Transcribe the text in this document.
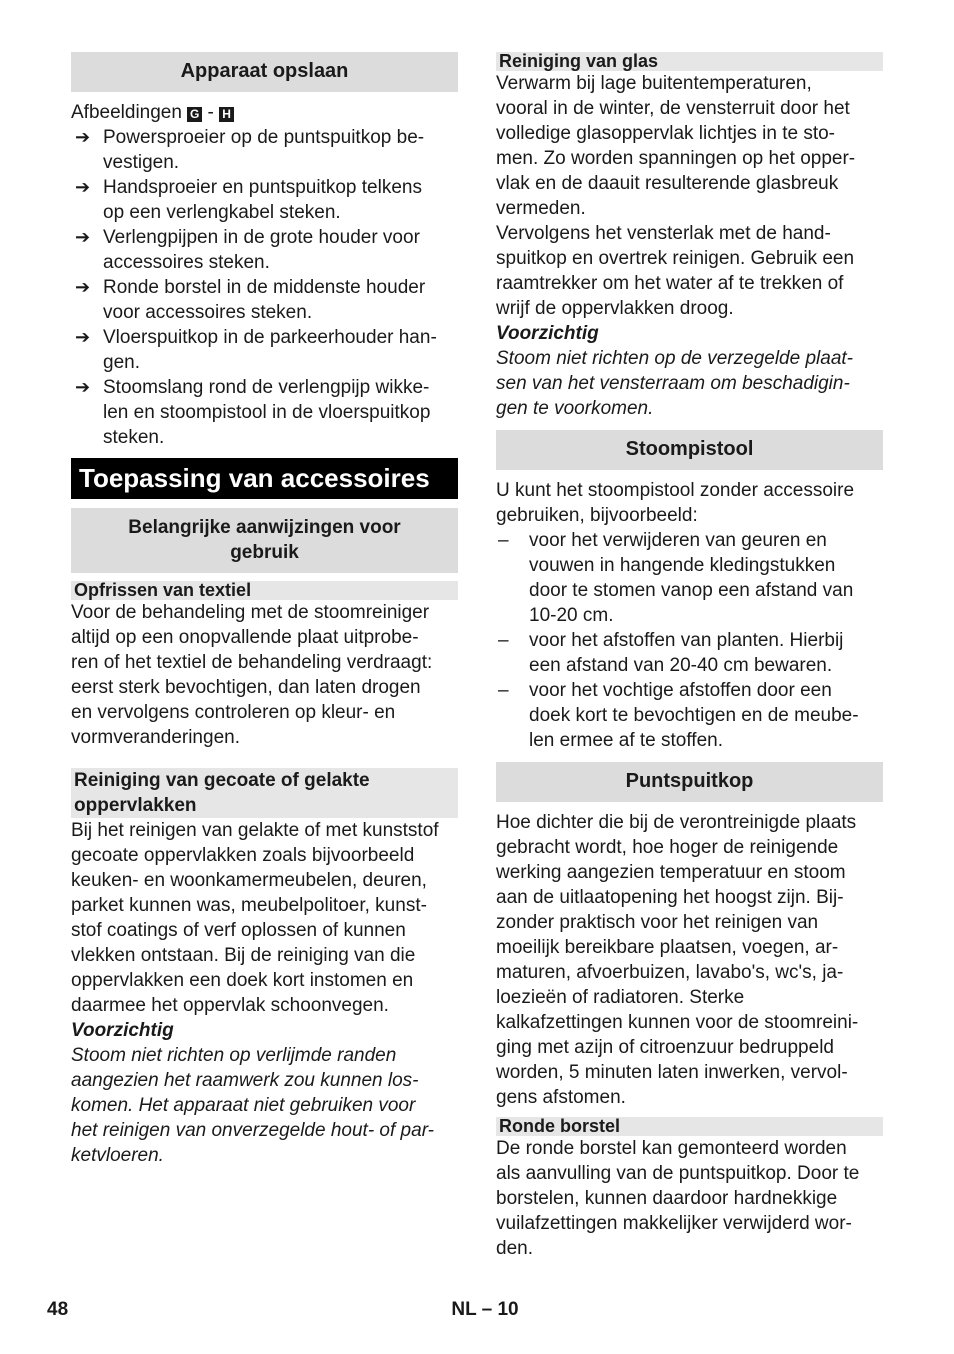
Apparaat opslaan

Afbeeldingen G - H

➔ Powersproeier op de puntspuitkop be-
vestigen.
➔ Handsproeier en puntspuitkop telkens
op een verlengkabel steken.
➔ Verlengpijpen in de grote houder voor
accessoires steken.
➔ Ronde borstel in de middenste houder
voor accessoires steken.
➔ Vloerspuitkop in de parkeerhouder han-
gen.
➔ Stoomslang rond de verlengpijp wikke-
len en stoompistool in de vloerspuitkop
steken.
Toepassing van accessoires
Belangrijke aanwijzingen voor
gebruik
Opfrissen van textiel
Voor de behandeling met de stoomreiniger
altijd op een onopvallende plaat uitprobe-
ren of het textiel de behandeling verdraagt:
eerst sterk bevochtigen, dan laten drogen
en vervolgens controleren op kleur- en
vormveranderingen.
Reiniging van gecoate of gelakte
oppervlakken
Bij het reinigen van gelakte of met kunststof
gecoate oppervlakken zoals bijvoorbeeld
keuken- en woonkamermeubelen, deuren,
parket kunnen was, meubelpolitoer, kunst-
stof coatings of verf oplossen of kunnen
vlekken ontstaan. Bij de reiniging van die
oppervlakken een doek kort instomen en
daarmee het oppervlak schoonvegen.

Voorzichtig

Stoom niet richten op verlijmde randen
aangezien het raamwerk zou kunnen los-
komen. Het apparaat niet gebruiken voor
het reinigen van onverzegelde hout- of par-
ketvloeren.
Reiniging van glas
Verwarm bij lage buitentemperaturen,
vooral in de winter, de vensterruit door het
volledige glasoppervlak lichtjes in te sto-
men. Zo worden spanningen op het opper-
vlak en de daauit resulterende glasbreuk
vermeden.
Vervolgens het vensterlak met de hand-
spuitkop en overtrek reinigen. Gebruik een
raamtrekker om het water af te trekken of
wrijf de oppervlakken droog.

Voorzichtig

Stoom niet richten op de verzegelde plaat-
sen van het vensterraam om beschadigin-
gen te voorkomen.
Stoompistool
U kunt het stoompistool zonder accessoire
gebruiken, bijvoorbeeld:
– voor het verwijderen van geuren en
vouwen in hangende kledingstukken
door te stomen vanop een afstand van
10-20 cm.
– voor het afstoffen van planten. Hierbij
een afstand van 20-40 cm bewaren.
– voor het vochtige afstoffen door een
doek kort te bevochtigen en de meube-
len ermee af te stoffen.
Puntspuitkop
Hoe dichter die bij de verontreinigde plaats
gebracht wordt, hoe hoger de reinigende
werking aangezien temperatuur en stoom
aan de uitlaatopening het hoogst zijn. Bij-
zonder praktisch voor het reinigen van
moeilijk bereikbare plaatsen, voegen, ar-
maturen, afvoerbuizen, lavabo's, wc's, ja-
loezieën of radiatoren. Sterke
kalkafzettingen kunnen voor de stoomreini-
ging met azijn of citroenzuur bedruppeld
worden, 5 minuten laten inwerken, vervol-
gens afstomen.
Ronde borstel
De ronde borstel kan gemonteerd worden
als aanvulling van de puntspuitkop. Door te
borstelen, kunnen daardoor hardnekkige
vuilafzettingen makkelijker verwijderd wor-
den.
48	NL – 10
